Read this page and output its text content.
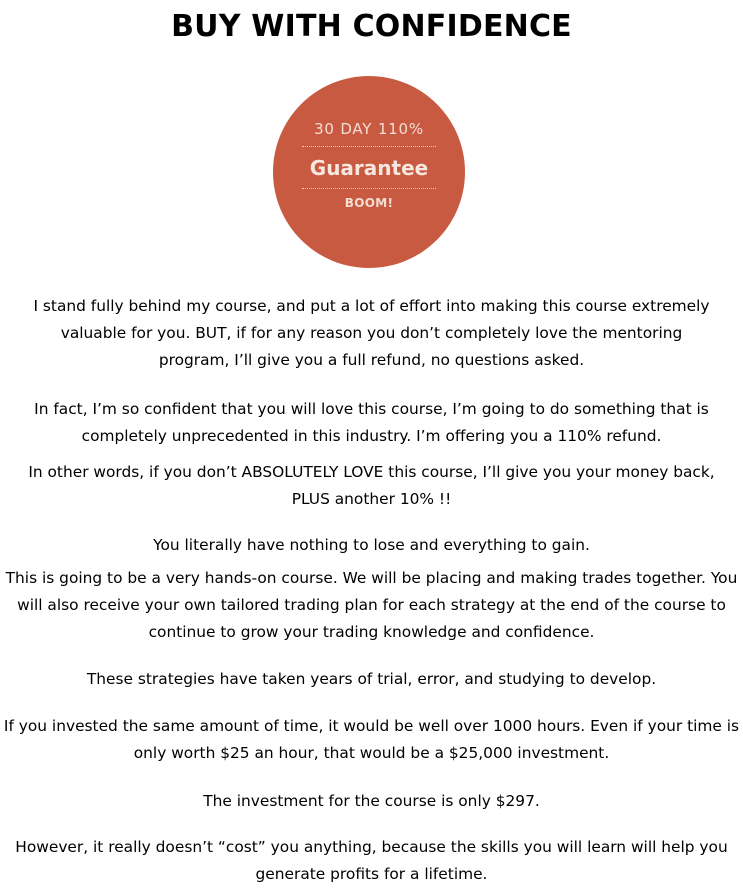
BUY WITH CONFIDENCE
30 DAY 110%
Guarantee
BOOM!

I stand fully behind my course, and put a lot of effort into making this course extremely valuable for you. BUT, if for any reason you don’t completely love the mentoring program, I’ll give you a full refund, no questions asked.

In fact, I’m so confident that you will love this course, I’m going to do something that is completely unprecedented in this industry. I’m offering you a 110% refund.

In other words, if you don’t ABSOLUTELY LOVE this course, I’ll give you your money back, PLUS another 10% !!

You literally have nothing to lose and everything to gain.

This is going to be a very hands-on course. We will be placing and making trades together. You will also receive your own tailored trading plan for each strategy at the end of the course to continue to grow your trading knowledge and confidence.

These strategies have taken years of trial, error, and studying to develop.

If you invested the same amount of time, it would be well over 1000 hours. Even if your time is only worth $25 an hour, that would be a $25,000 investment.

The investment for the course is only $297.

However, it really doesn’t “cost” you anything, because the skills you will learn will help you generate profits for a lifetime.
